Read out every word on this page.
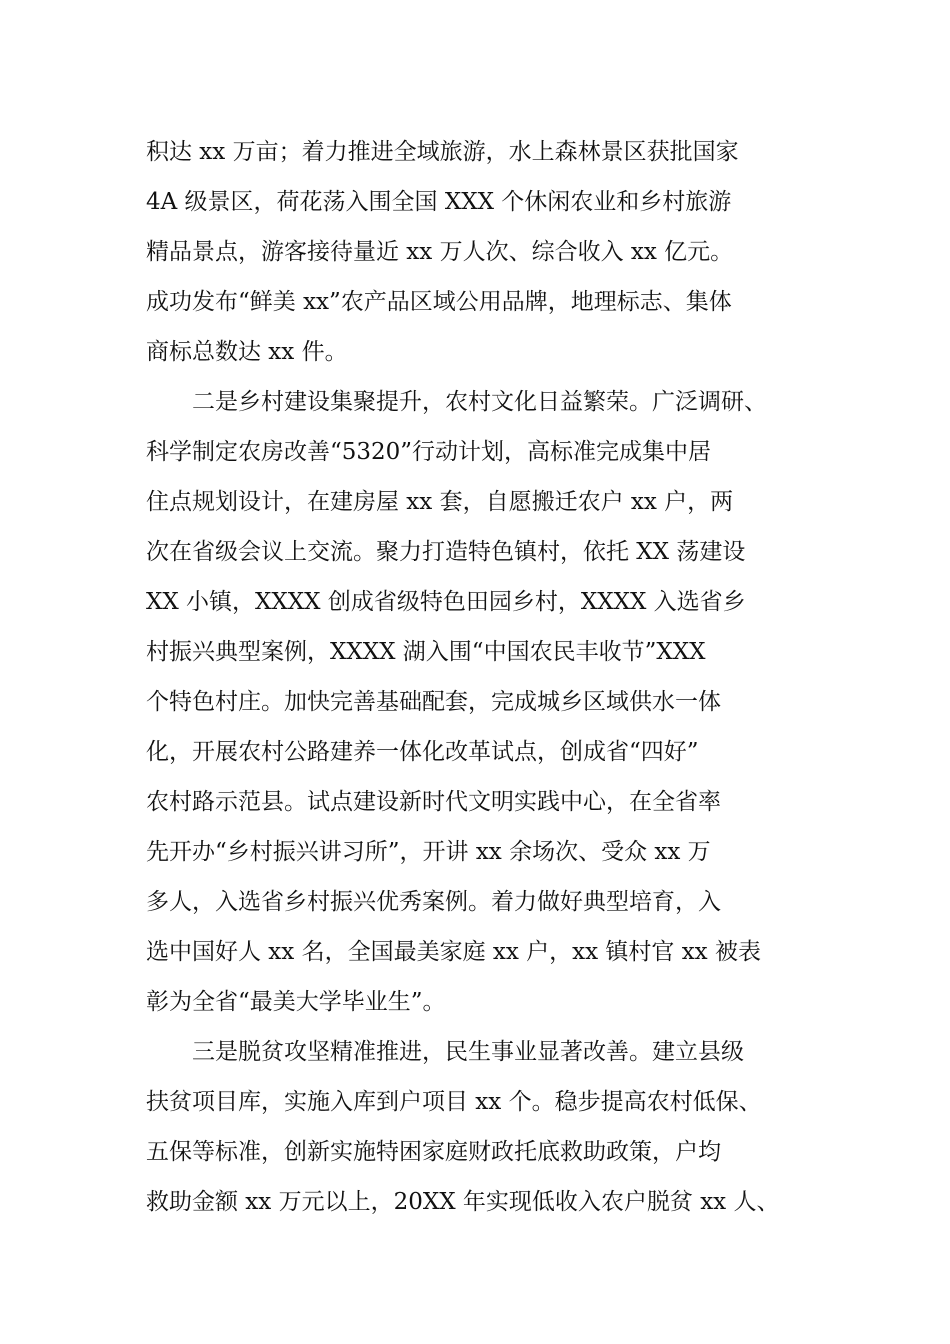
积达 xx 万亩；着力推进全域旅游，水上森林景区获批国家
4A 级景区，荷花荡入围全国 XXX 个休闲农业和乡村旅游
精品景点，游客接待量近 xx 万人次、综合收入 xx 亿元。
成功发布“鲜美 xx”农产品区域公用品牌，地理标志、集体
商标总数达 xx 件。
二是乡村建设集聚提升，农村文化日益繁荣。广泛调研、
科学制定农房改善“5320”行动计划，高标准完成集中居
住点规划设计，在建房屋 xx 套，自愿搬迁农户 xx 户，两
次在省级会议上交流。聚力打造特色镇村，依托 XX 荡建设
XX 小镇，XXXX 创成省级特色田园乡村，XXXX 入选省乡
村振兴典型案例，XXXX 湖入围“中国农民丰收节”XXX
个特色村庄。加快完善基础配套，完成城乡区域供水一体
化，开展农村公路建养一体化改革试点，创成省“四好”
农村路示范县。试点建设新时代文明实践中心，在全省率
先开办“乡村振兴讲习所”，开讲 xx 余场次、受众 xx 万
多人，入选省乡村振兴优秀案例。着力做好典型培育，入
选中国好人 xx 名，全国最美家庭 xx 户，xx 镇村官 xx 被表
彰为全省“最美大学毕业生”。
三是脱贫攻坚精准推进，民生事业显著改善。建立县级
扶贫项目库，实施入库到户项目 xx 个。稳步提高农村低保、
五保等标准，创新实施特困家庭财政托底救助政策，户均
救助金额 xx 万元以上，20XX 年实现低收入农户脱贫 xx 人、
